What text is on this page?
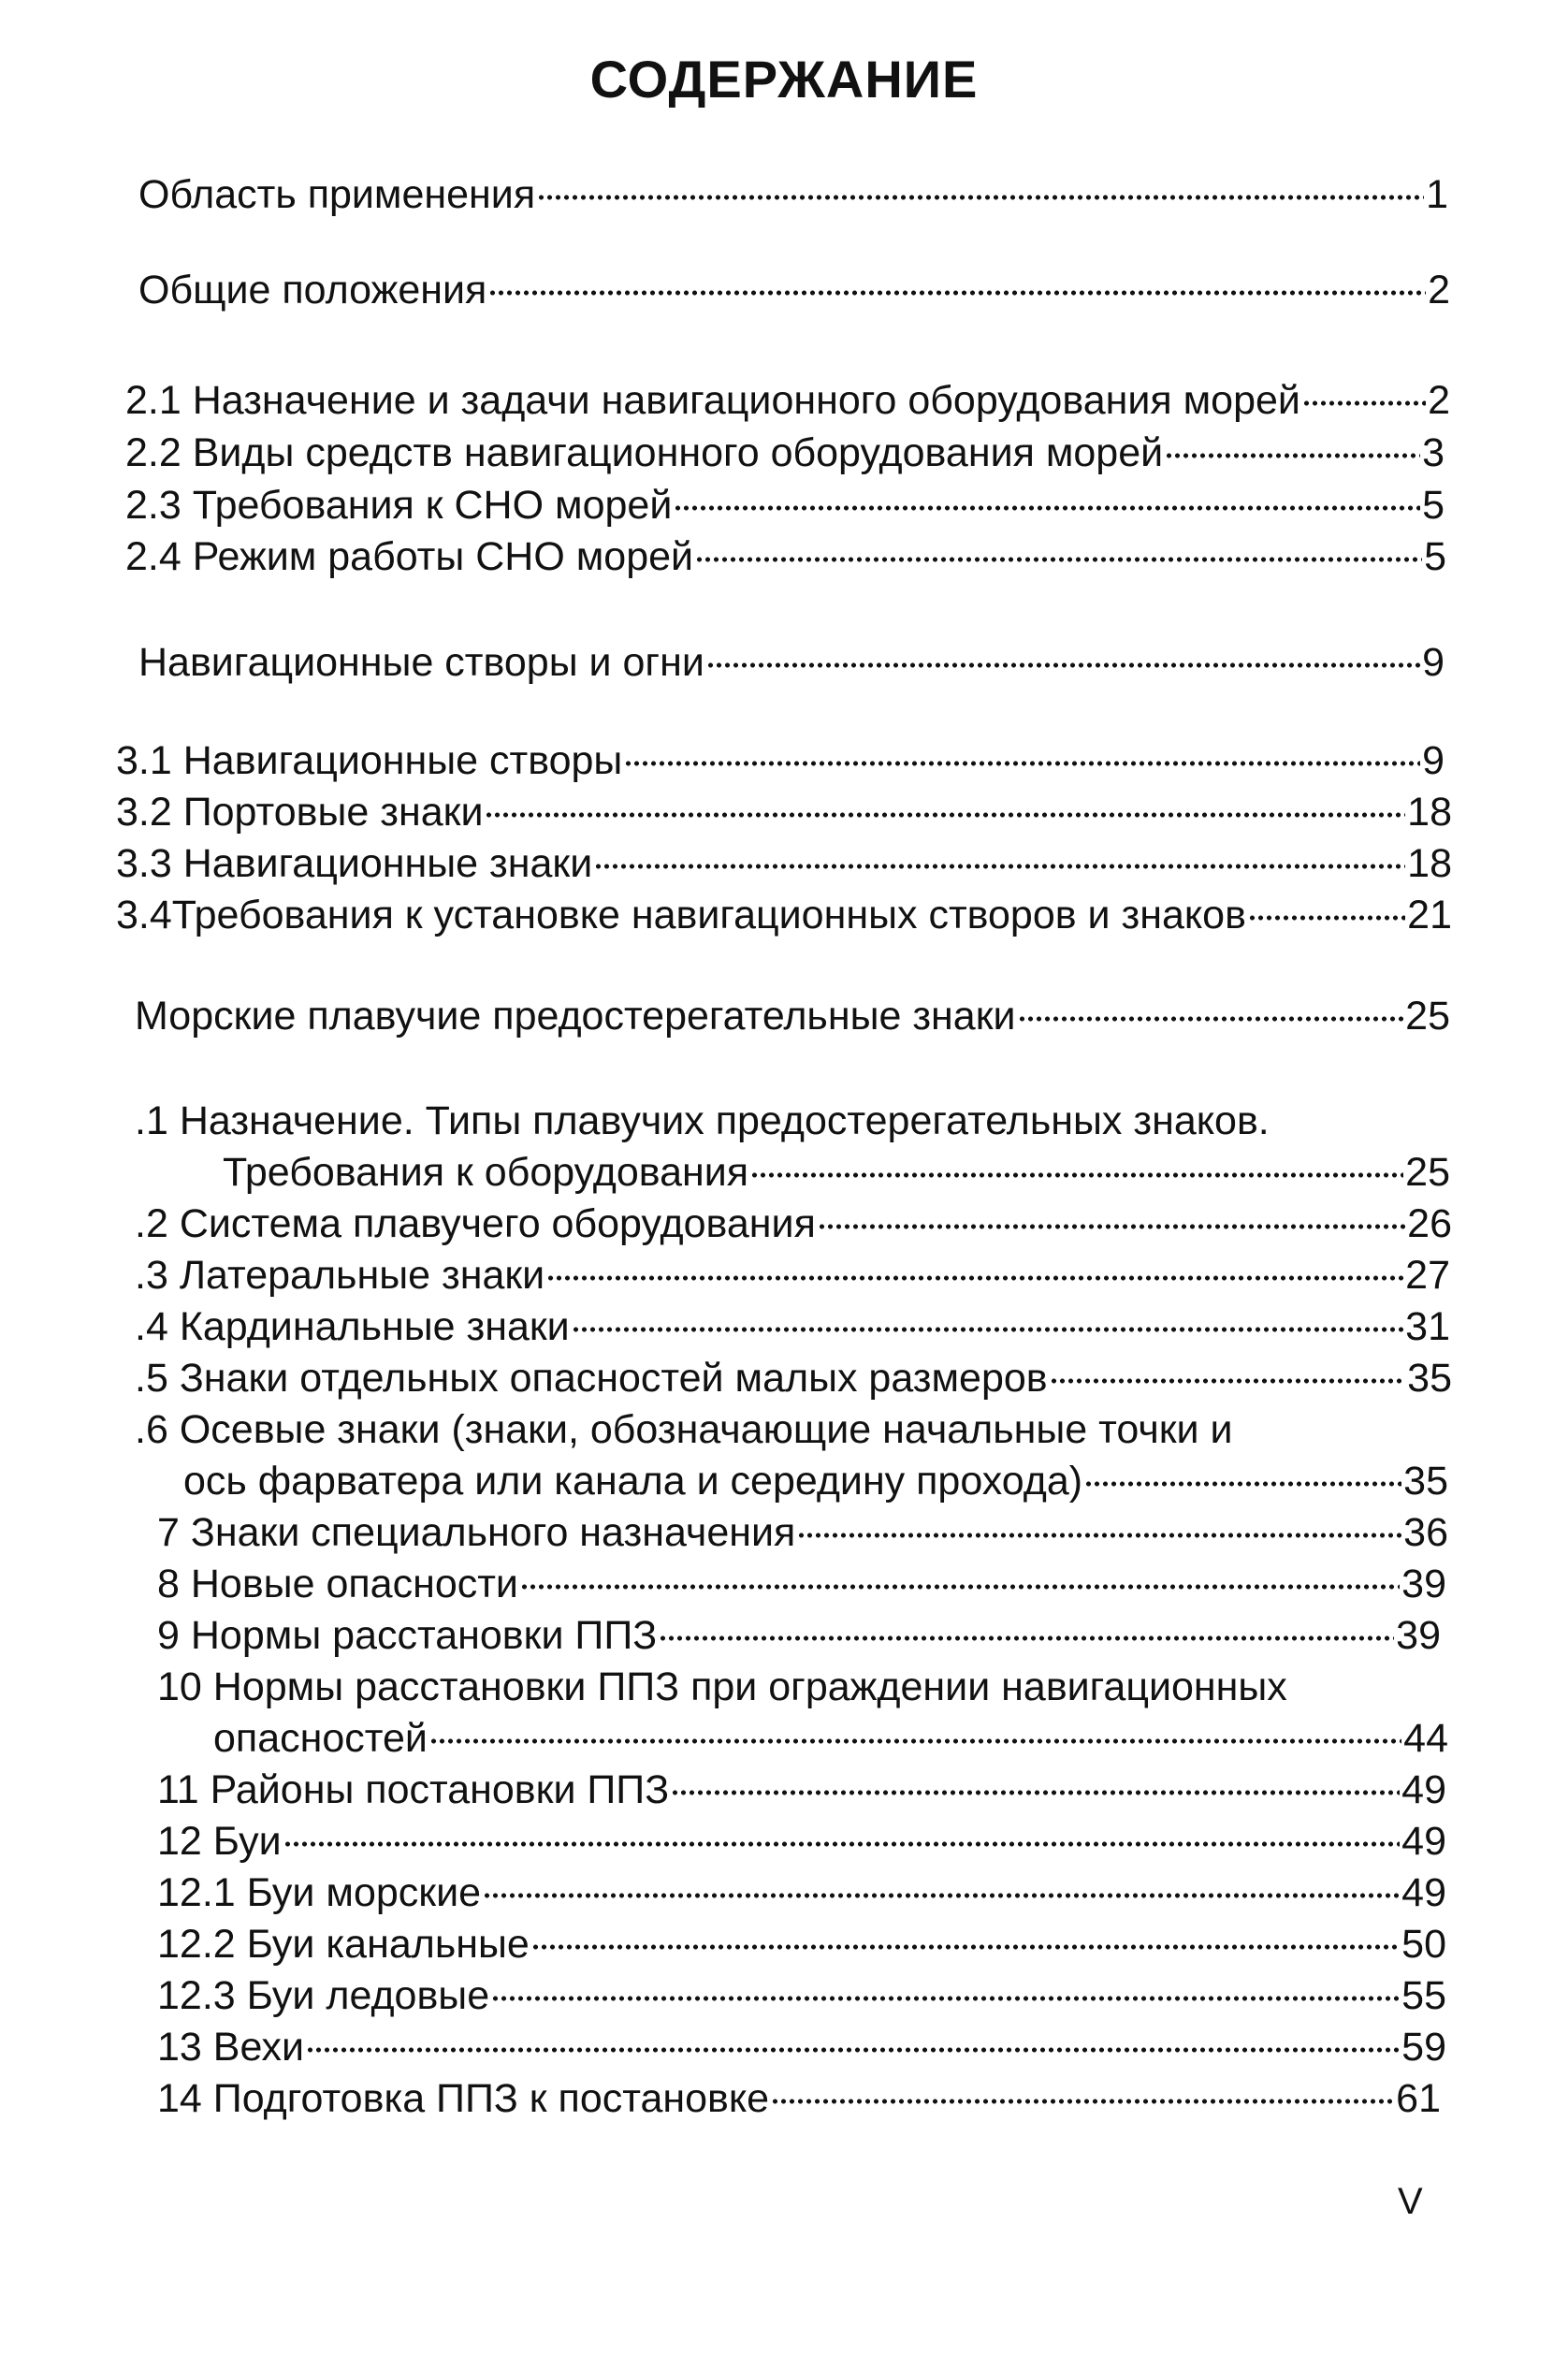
СОДЕРЖАНИЕ
Область применения	1
Общие положения	2
2.1 Назначение и задачи навигационного оборудования морей	2
2.2 Виды средств навигационного оборудования морей	3
2.3 Требования к СНО морей	5
2.4 Режим работы СНО морей	5
Навигационные створы и огни	9
3.1 Навигационные створы	9
3.2 Портовые знаки	18
3.3 Навигационные знаки	18
3.4Требования к установке навигационных створов и знаков	21
Морские плавучие предостерегательные знаки	25
.1 Назначение. Типы плавучих предостерегательных знаков.
Требования к оборудования	25
.2 Система плавучего оборудования	26
.3 Латеральные знаки	27
.4 Кардинальные знаки	31
.5 Знаки отдельных опасностей малых размеров	35
.6 Осевые знаки (знаки, обозначающие начальные точки и
ось фарватера или канала и середину прохода)	35
7 Знаки специального назначения	36
8 Новые опасности	39
9 Нормы расстановки ППЗ	39
10 Нормы расстановки ППЗ при ограждении навигационных
опасностей	44
11 Районы постановки ППЗ	49
12 Буи	49
12.1 Буи морские	49
12.2 Буи канальные	50
12.3 Буи ледовые	55
13 Вехи	59
14 Подготовка ППЗ к постановке	61
V
